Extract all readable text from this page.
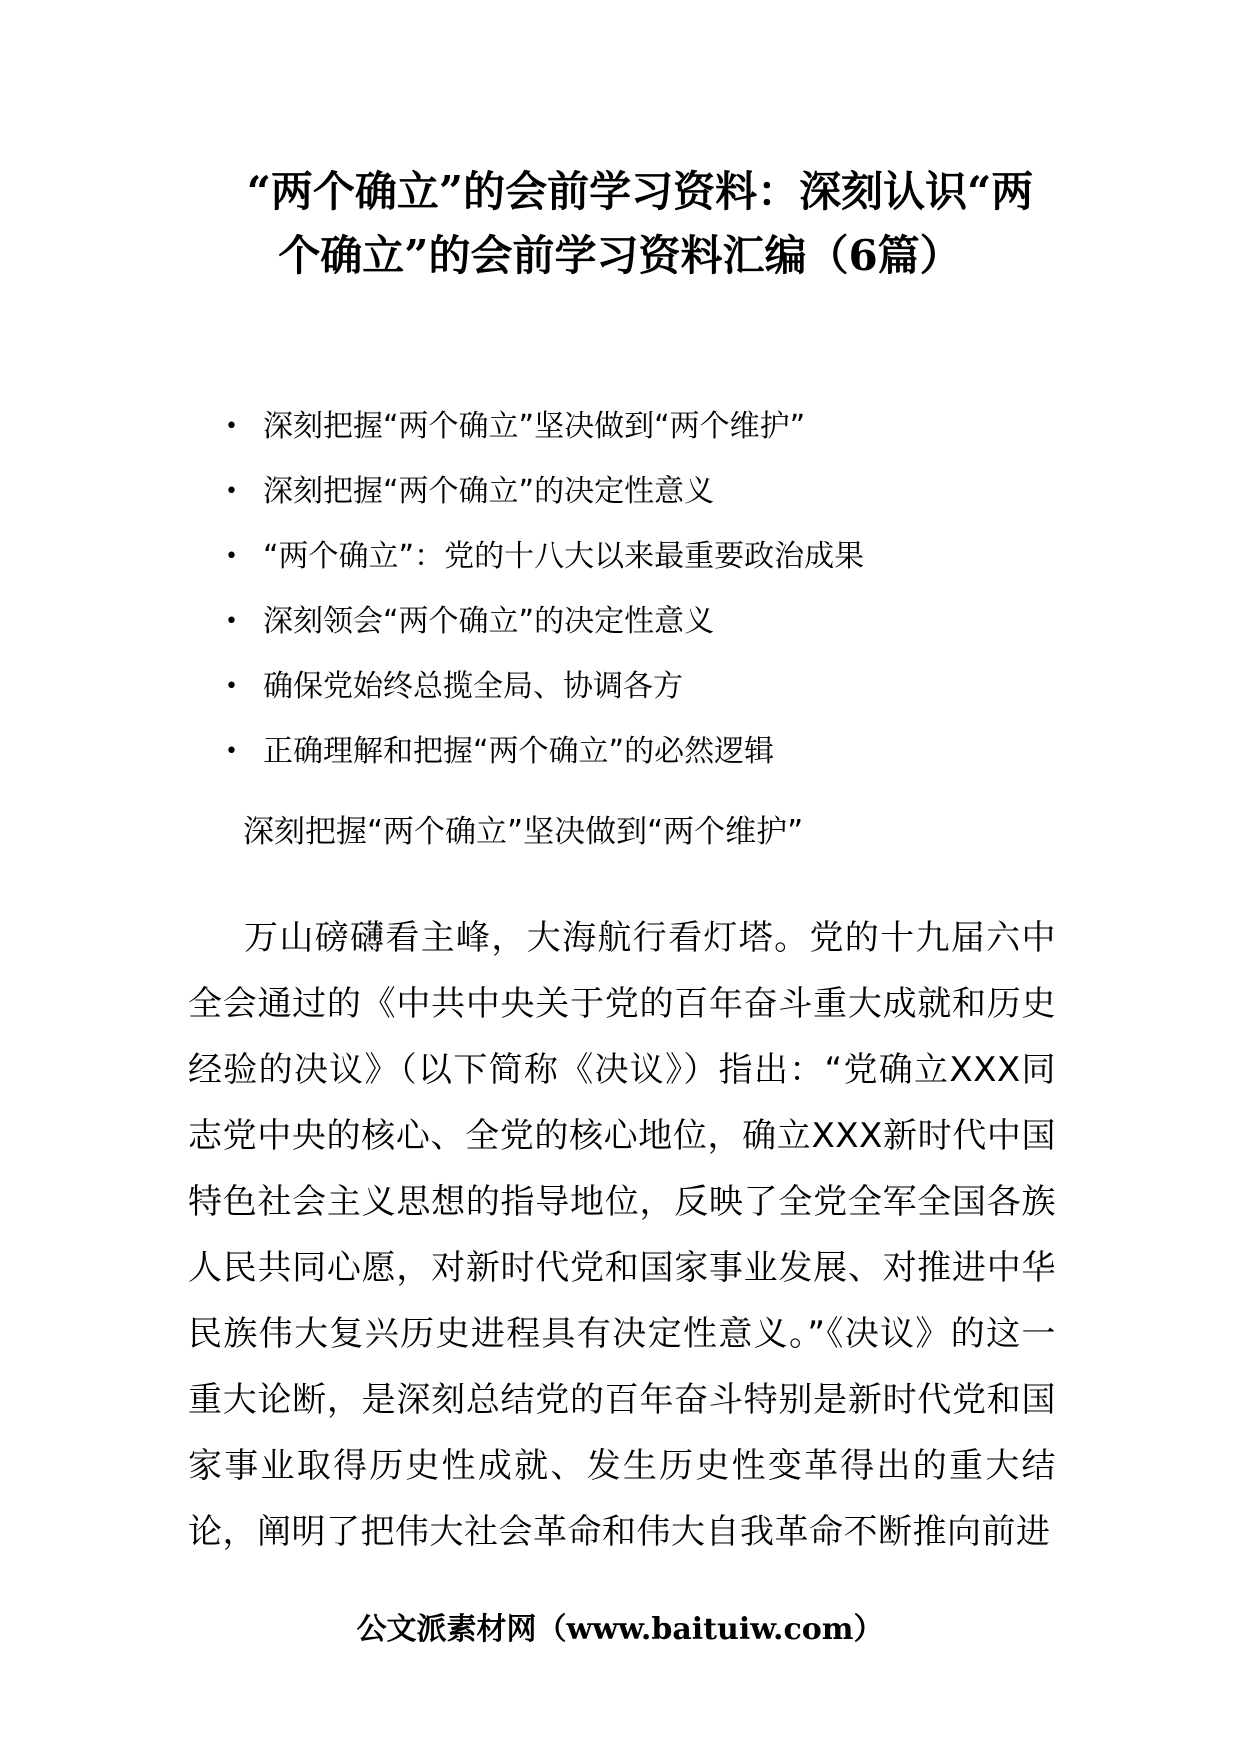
“两个确立”的会前学习资料：深刻认识“两个确立”的会前学习资料汇编（6篇）
• 深刻把握“两个确立”坚决做到“两个维护”
• 深刻把握“两个确立”的决定性意义
• “两个确立”：党的十八大以来最重要政治成果
• 深刻领会“两个确立”的决定性意义
• 确保党始终总揽全局、协调各方
• 正确理解和把握“两个确立”的必然逻辑
深刻把握“两个确立”坚决做到“两个维护”

万山磅礴看主峰，大海航行看灯塔。党的十九届六中全会通过的《中共中央关于党的百年奋斗重大成就和历史经验的决议》（以下简称《决议》）指出：“党确立XXX同志党中央的核心、全党的核心地位，确立XXX新时代中国特色社会主义思想的指导地位，反映了全党全军全国各族人民共同心愿，对新时代党和国家事业发展、对推进中华民族伟大复兴历史进程具有决定性意义。”《决议》的这一重大论断，是深刻总结党的百年奋斗特别是新时代党和国家事业取得历史性成就、发生历史性变革得出的重大结论，阐明了把伟大社会革命和伟大自我革命不断推向前进

公文派素材网（www.baituiw.com）
